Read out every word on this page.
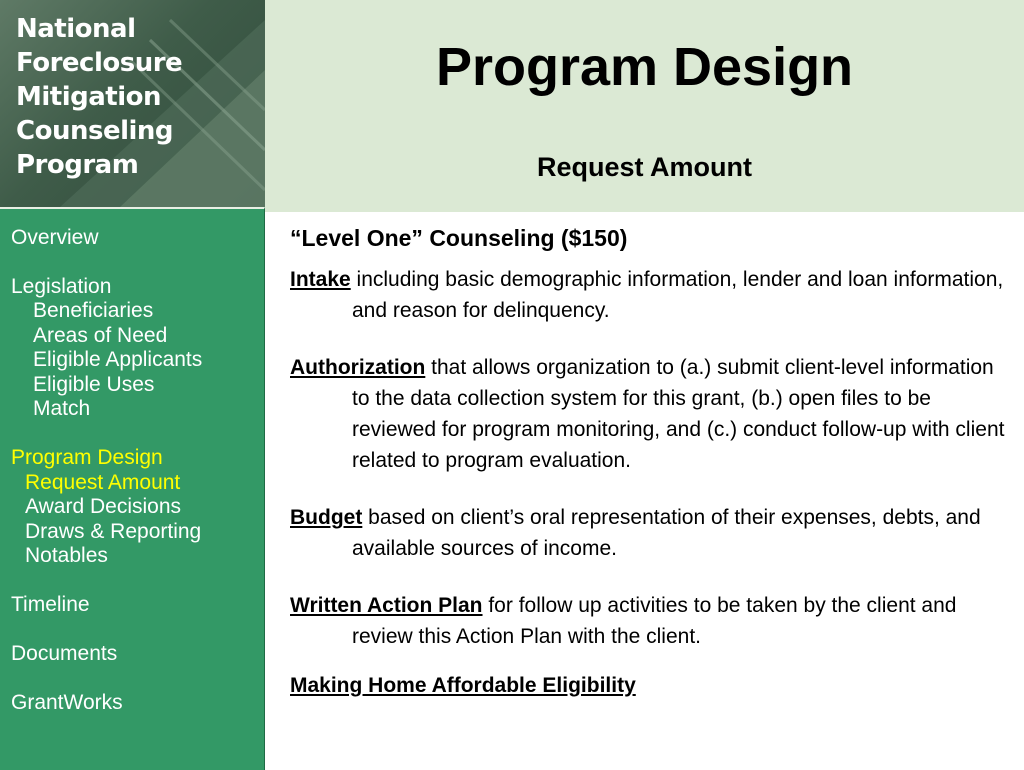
National
Foreclosure
Mitigation
Counseling
Program
Program Design
Request Amount
Overview
Legislation
Beneficiaries
Areas of Need
Eligible Applicants
Eligible Uses
Match
Program Design
Request Amount
Award Decisions
Draws & Reporting
Notables
Timeline
Documents
GrantWorks
“Level One” Counseling ($150)

Intake including basic demographic information, lender and loan information, and reason for delinquency.

Authorization that allows organization to (a.) submit client-level information to the data collection system for this grant, (b.) open files to be reviewed for program monitoring, and (c.) conduct follow-up with client related to program evaluation.

Budget based on client’s oral representation of their expenses, debts, and available sources of income.

Written Action Plan for follow up activities to be taken by the client and review this Action Plan with the client.

Making Home Affordable Eligibility
